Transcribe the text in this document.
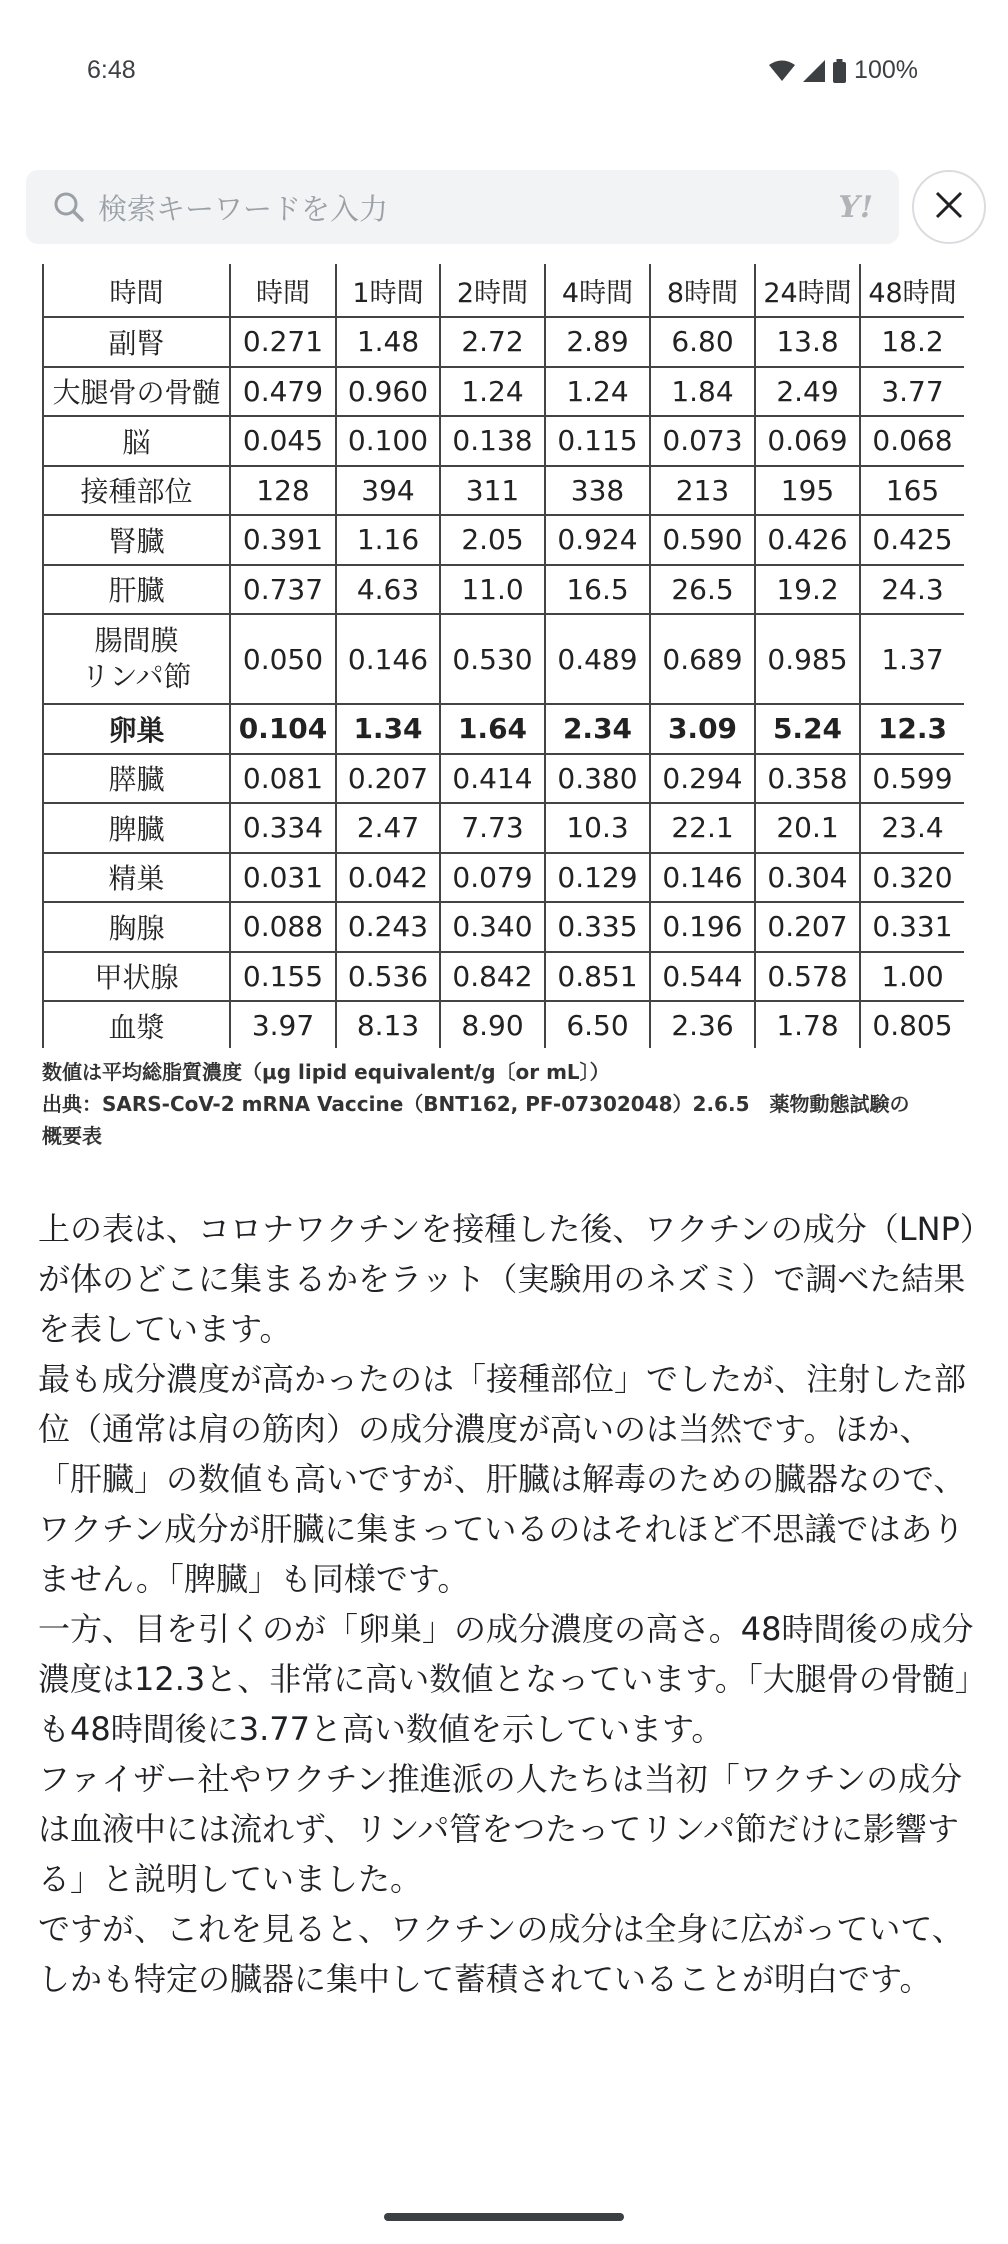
6:48	100%
検索キーワードを入力	Y!
時間	時間	1時間	2時間	4時間	8時間	24時間	48時間
副腎	0.271	1.48	2.72	2.89	6.80	13.8	18.2
大腿骨の骨髄	0.479	0.960	1.24	1.24	1.84	2.49	3.77
脳	0.045	0.100	0.138	0.115	0.073	0.069	0.068
接種部位	128	394	311	338	213	195	165
腎臓	0.391	1.16	2.05	0.924	0.590	0.426	0.425
肝臓	0.737	4.63	11.0	16.5	26.5	19.2	24.3

腸間膜
リンパ節	0.050	0.146	0.530	0.489	0.689	0.985	1.37
卵巣	0.104	1.34	1.64	2.34	3.09	5.24	12.3
膵臓	0.081	0.207	0.414	0.380	0.294	0.358	0.599
脾臓	0.334	2.47	7.73	10.3	22.1	20.1	23.4
精巣	0.031	0.042	0.079	0.129	0.146	0.304	0.320
胸腺	0.088	0.243	0.340	0.335	0.196	0.207	0.331
甲状腺	0.155	0.536	0.842	0.851	0.544	0.578	1.00
血漿	3.97	8.13	8.90	6.50	2.36	1.78	0.805
数値は平均総脂質濃度（μg lipid equivalent/g〔or mL〕）
出典：SARS-CoV-2 mRNA Vaccine（BNT162, PF-07302048）2.6.5　薬物動態試験の
概要表

上の表は、コロナワクチンを接種した後、ワクチンの成分（LNP）が体のどこに集まるかをラット（実験用のネズミ）で調べた結果を表しています。

最も成分濃度が高かったのは「接種部位」でしたが、注射した部位（通常は肩の筋肉）の成分濃度が高いのは当然です。ほか、「肝臓」の数値も高いですが、肝臓は解毒のための臓器なので、ワクチン成分が肝臓に集まっているのはそれほど不思議ではありません。「脾臓」も同様です。

一方、目を引くのが「卵巣」の成分濃度の高さ。48時間後の成分濃度は12.3と、非常に高い数値となっています。「大腿骨の骨髄」も48時間後に3.77と高い数値を示しています。

ファイザー社やワクチン推進派の人たちは当初「ワクチンの成分は血液中には流れず、リンパ管をつたってリンパ節だけに影響する」と説明していました。

ですが、これを見ると、ワクチンの成分は全身に広がっていて、しかも特定の臓器に集中して蓄積されていることが明白です。
